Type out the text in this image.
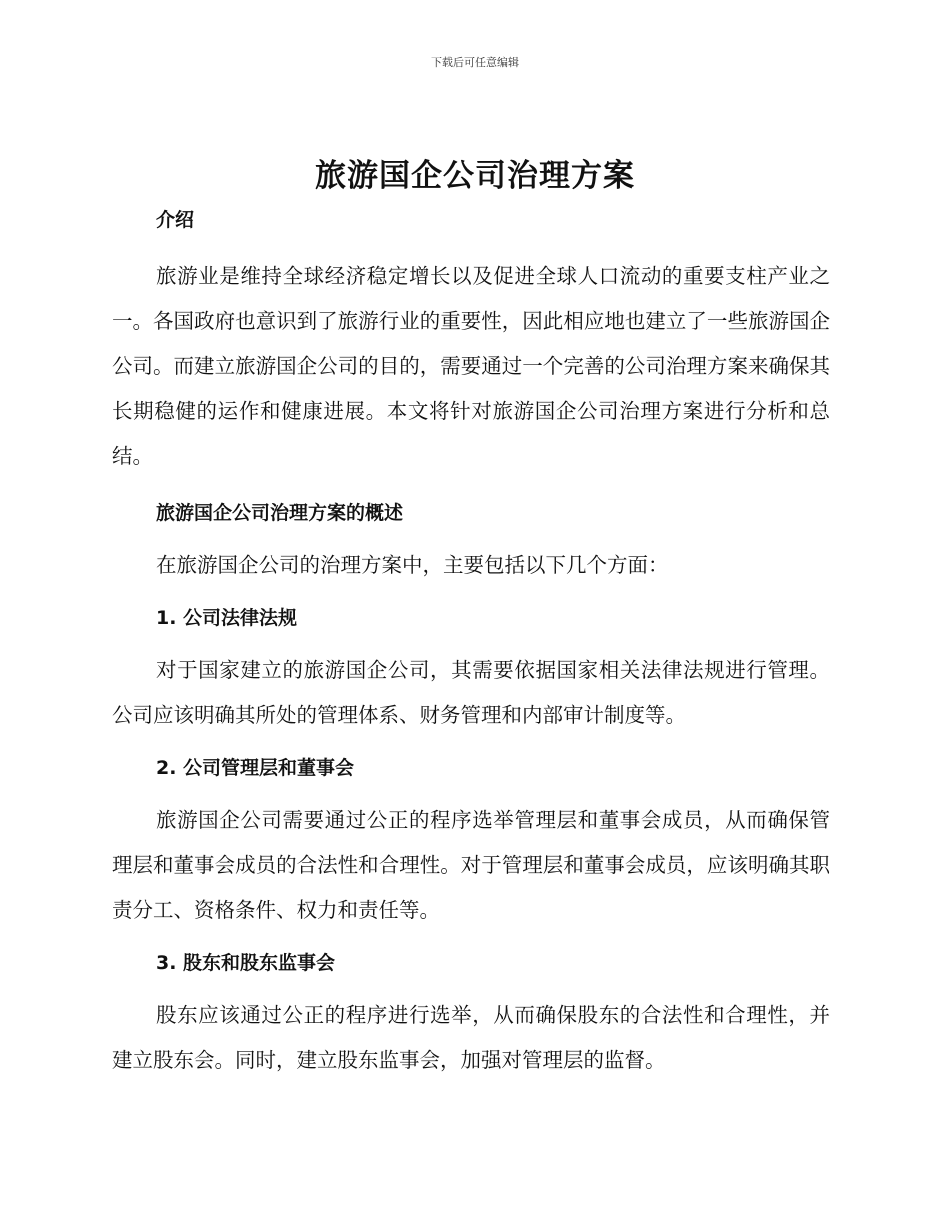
下载后可任意编辑
旅游国企公司治理方案
介绍

旅游业是维持全球经济稳定增长以及促进全球人口流动的重要支柱产业之一。各国政府也意识到了旅游行业的重要性，因此相应地也建立了一些旅游国企公司。而建立旅游国企公司的目的，需要通过一个完善的公司治理方案来确保其长期稳健的运作和健康进展。本文将针对旅游国企公司治理方案进行分析和总结。

旅游国企公司治理方案的概述

在旅游国企公司的治理方案中，主要包括以下几个方面：

1. 公司法律法规

对于国家建立的旅游国企公司，其需要依据国家相关法律法规进行管理。公司应该明确其所处的管理体系、财务管理和内部审计制度等。

2. 公司管理层和董事会

旅游国企公司需要通过公正的程序选举管理层和董事会成员，从而确保管理层和董事会成员的合法性和合理性。对于管理层和董事会成员，应该明确其职责分工、资格条件、权力和责任等。

3. 股东和股东监事会

股东应该通过公正的程序进行选举，从而确保股东的合法性和合理性，并建立股东会。同时，建立股东监事会，加强对管理层的监督。
